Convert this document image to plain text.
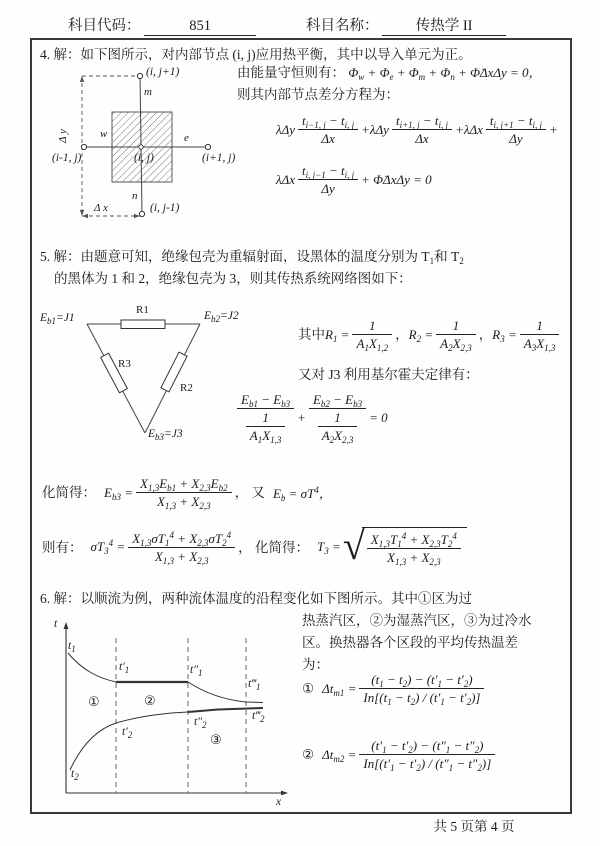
科目代码：	851	科目名称：	传热学 II
4. 解：如下图所示，对内部节点 (i, j)应用热平衡，其中以导入单元为正。
由能量守恒则有： $\Phi_w + \Phi_e + \Phi_m + \Phi_n$ + Φ̇ΔxΔy = 0，
则其内部节点差分方程为：
(i, j+1)
m
w	e
(i-1, j)	(i, j)	(i+1, j)
n
(i, j-1)
Δ y
Δ x
λΔy $\frac{t_{i-1, j} - t_{i, j}}{\Delta x} + \lambda\Delta y \frac{t_{i+1, j} - t_{i, j}}{\Delta x} + \lambda\Delta x \frac{t_{i, j+1} - t_{i, j}}{\Delta y}$ +
λΔx $\frac{t_{i, j-1} - t_{i, j}}{\Delta y}$ + Φ̇ΔxΔy = 0
5. 解：由题意可知，绝缘包壳为重辐射面，设黑体的温度分别为 $T_1$和 $T_2$
的黑体为 1 和 2，绝缘包壳为 3，则其传热系统网络图如下：
$E_{b1}=J1$	$E_{b2}=J2$
$E_{b3}=J3$
R1
R3
R2
其中 $R_1 = \frac{1}{A_1X_{1,2}}$ ， $R_2 = \frac{1}{A_2X_{2,3}}$ ， $R_3 = \frac{1}{A_3X_{1,3}}$
又对 J3 利用基尔霍夫定律有：
$\frac{E_{b1} - E_{b3}}{\frac{1}{A_1X_{1,3}}} + \frac{E_{b2} - E_{b3}}{\frac{1}{A_2X_{2,3}}} = 0$
化简得： $E_{b3} = \frac{X_{1,3}E_{b1} + X_{2,3}E_{b2}}{X_{1,3} + X_{2,3}}$ ， 又 $E_b = \sigma T^4$，
则有： $\sigma T_3^4 = \frac{X_{1,3}\sigma T_1^4 + X_{2,3}\sigma T_2^4}{X_{1,3} + X_{2,3}}$ ， 化简得： $T_3$ = √ $\frac{X_{1,3}T_1^4 + X_{2,3}T_2^4}{X_{1,3} + X_{2,3}}$
6. 解：以顺流为例，两种流体温度的沿程变化如下图所示。其中①区为过
热蒸汽区，②为湿蒸汽区，③为过冷水
区。换热器各个区段的平均传热温差
为：
t
x
$t_1$
$t'_1$	$t''_1$
$t‴_1$
$t_2$
$t'_2$
$t''_2$
$t‴_2$
①	②
③
① $\Delta t_{m1} = \frac{(t_1 - t_2) - (t'_1 - t'_2)}{In[(t_1 - t_2) / (t'_1 - t'_2)]}$
② $\Delta t_{m2} = \frac{(t'_1 - t'_2) - (t''_1 - t''_2)}{In[(t'_1 - t'_2) / (t''_1 - t''_2)]}$
共 5 页第 4 页
